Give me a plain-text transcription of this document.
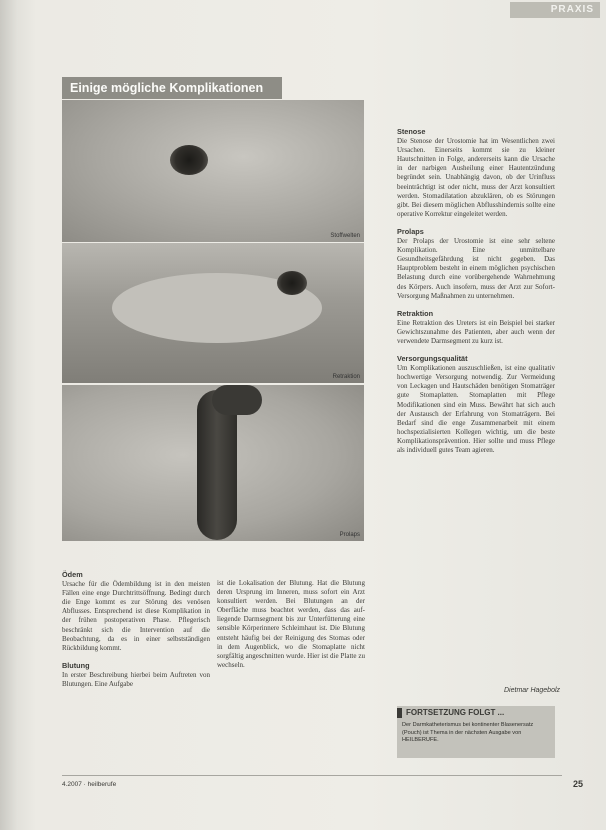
PRAXIS
Einige mögliche Komplikationen
Stoffwelten
Retraktion
Prolaps
Ödem

Ursache für die Ödembildung ist in den meisten Fällen eine enge Durchtrittsöffnung. Bedingt durch die Enge kommt es zur Störung des venösen Abflusses. Entsprechend ist diese Komplikation in der frühen postoperativen Phase. Pflegerisch beschränkt sich die Intervention auf die Beobachtung, da es in einer selbstständigen Rückbildung kommt.

Blutung

In erster Beschreibung hierbei beim Auftreten von Blutungen. Eine Aufgabe

ist die Lokalisation der Blutung. Hat die Blutung deren Ursprung im Inneren, muss sofort ein Arzt konsultiert werden. Bei Blutungen an der Oberfläche muss beachtet werden, dass das auf-liegende Darmsegment bis zur Unterfütterung eine sensible Körperinnere Schleimhaut ist. Die Blutung entsteht häufig bei der Reinigung des Stomas oder in dem Augenblick, wo die Stomaplatte nicht sorgfältig angeschnitten wurde. Hier ist die Platte zu wechseln.

Stenose

Die Stenose der Urostomie hat im Wesentlichen zwei Ursachen. Einerseits kommt sie zu kleiner Hautschnitten in Folge, andererseits kann die Ursache in der narbigen Ausheilung einer Hautentzündung begründet sein. Unabhängig davon, ob der Urinfluss beeinträchtigt ist oder nicht, muss der Arzt konsultiert werden. Stomadilatation abzuklären, ob es Störungen gibt. Bei diesem möglichen Abflusshindernis sollte eine operative Korrektur eingeleitet werden.

Prolaps

Der Prolaps der Urostomie ist eine sehr seltene Komplikation. Eine unmittelbare Gesundheitsgefährdung ist nicht gegeben. Das Hauptproblem besteht in einem möglichen psychischen Belastung durch eine vorübergehende Wahrnehmung des Körpers. Auch insofern, muss der Arzt zur Sofort-Versorgung Maßnahmen zu unternehmen.

Retraktion

Eine Retraktion des Ureters ist ein Beispiel bei starker Gewichtszunahme des Patienten, aber auch wenn der verwendete Darmsegment zu kurz ist.

Versorgungsqualität

Um Komplikationen auszuschließen, ist eine qualitativ hochwertige Versorgung notwendig. Zur Vermeidung von Leckagen und Hautschäden benötigen Stomaträger gute Stomaplatten. Stomaplatten mit Pflege Modifikationen sind ein Muss. Bewährt hat sich auch der Austausch der Erfahrung von Stomaträgern. Bei Bedarf sind die enge Zusammenarbeit mit einem hochspezialisierten Kollegen wichtig, um die beste Komplikationsprävention. Hier sollte und muss Pflege als individuell gutes Team agieren.

Dietmar Hagebolz
FORTSETZUNG FOLGT ...
Der Darmkatheterismus bei kontinenter Blasenersatz (Pouch) ist Thema in der nächsten Ausgabe von HEILBERUFE.
4.2007 · heilberufe	25
